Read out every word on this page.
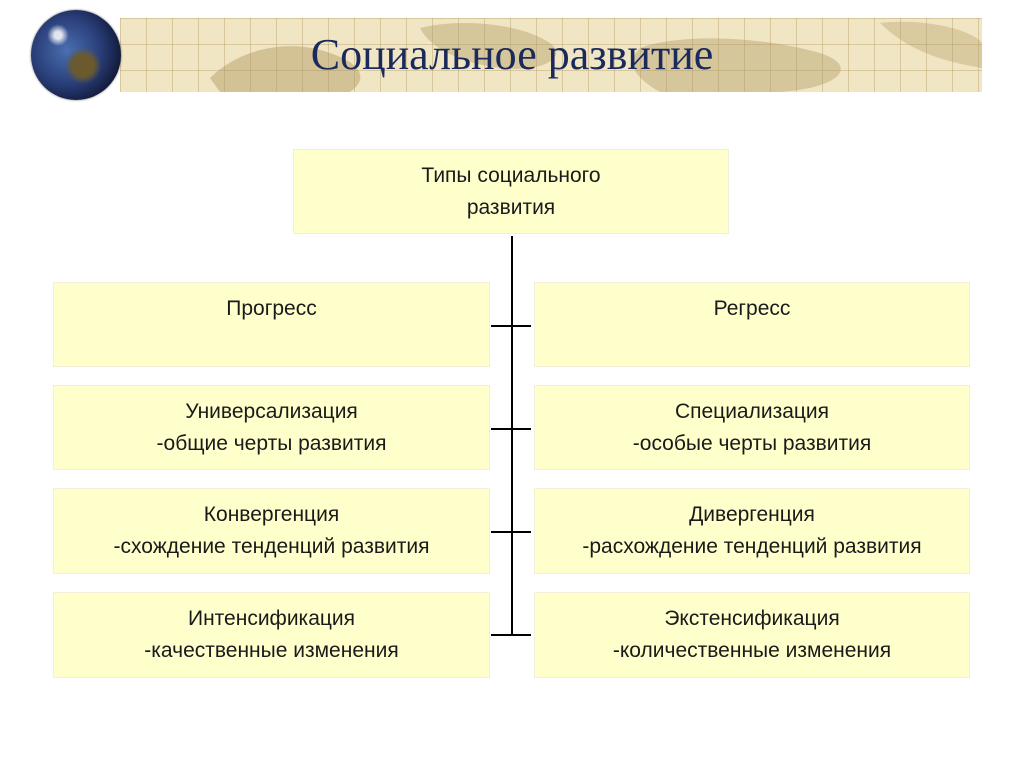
Социальное развитие
Типы социального
развития
Прогресс	Регресс
Универсализация
-общие черты развития
Специализация
-особые черты развития
Конвергенция
-схождение тенденций развития
Дивергенция
-расхождение тенденций развития
Интенсификация
-качественные изменения
Экстенсификация
-количественные изменения
